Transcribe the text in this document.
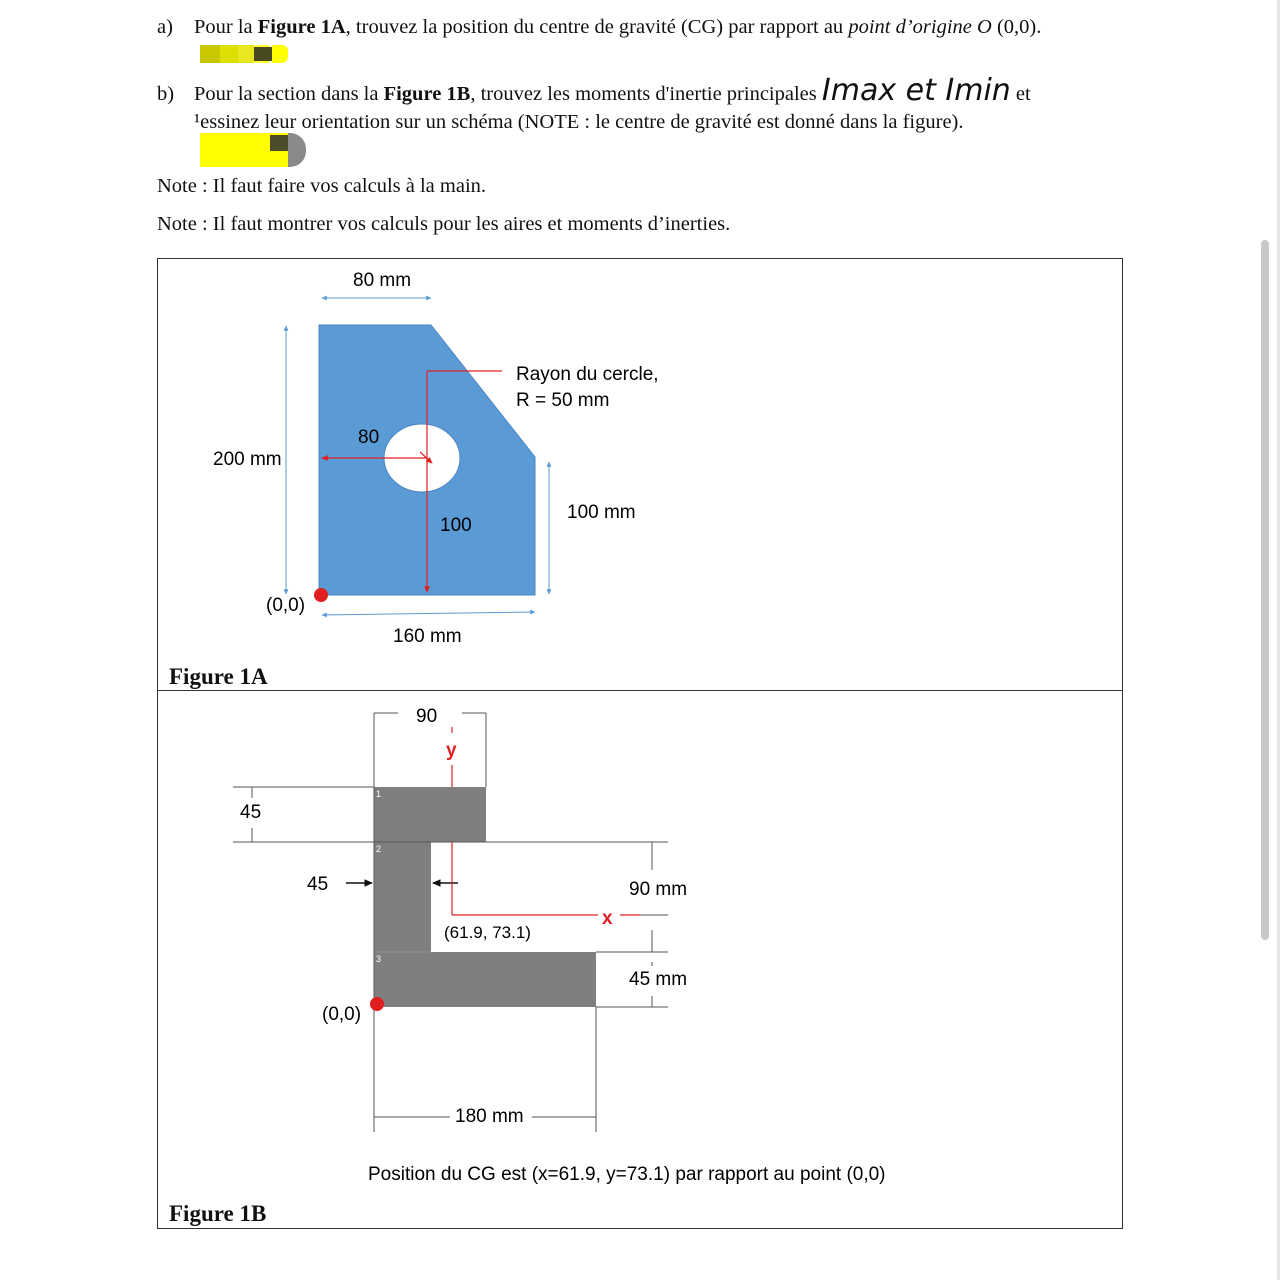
a) Pour la Figure 1A, trouvez la position du centre de gravité (CG) par rapport au point d’origine O (0,0).
b) Pour la section dans la Figure 1B, trouvez les moments d'inertie principales Imax et Imin et
¹essinez leur orientation sur un schéma (NOTE : le centre de gravité est donné dans la figure).
Note : Il faut faire vos calculs à la main.
Note : Il faut montrer vos calculs pour les aires et moments d’inerties.
80 mm
200 mm
160 mm
100 mm
Rayon du cercle,
R = 50 mm
80
100
(0,0)
Figure 1A
1
2
3
90
y
45
45	90 mm
x
(61.9, 73.1)
45 mm
(0,0)
180 mm
Position du CG est (x=61.9, y=73.1) par rapport au point (0,0)
Figure 1B
